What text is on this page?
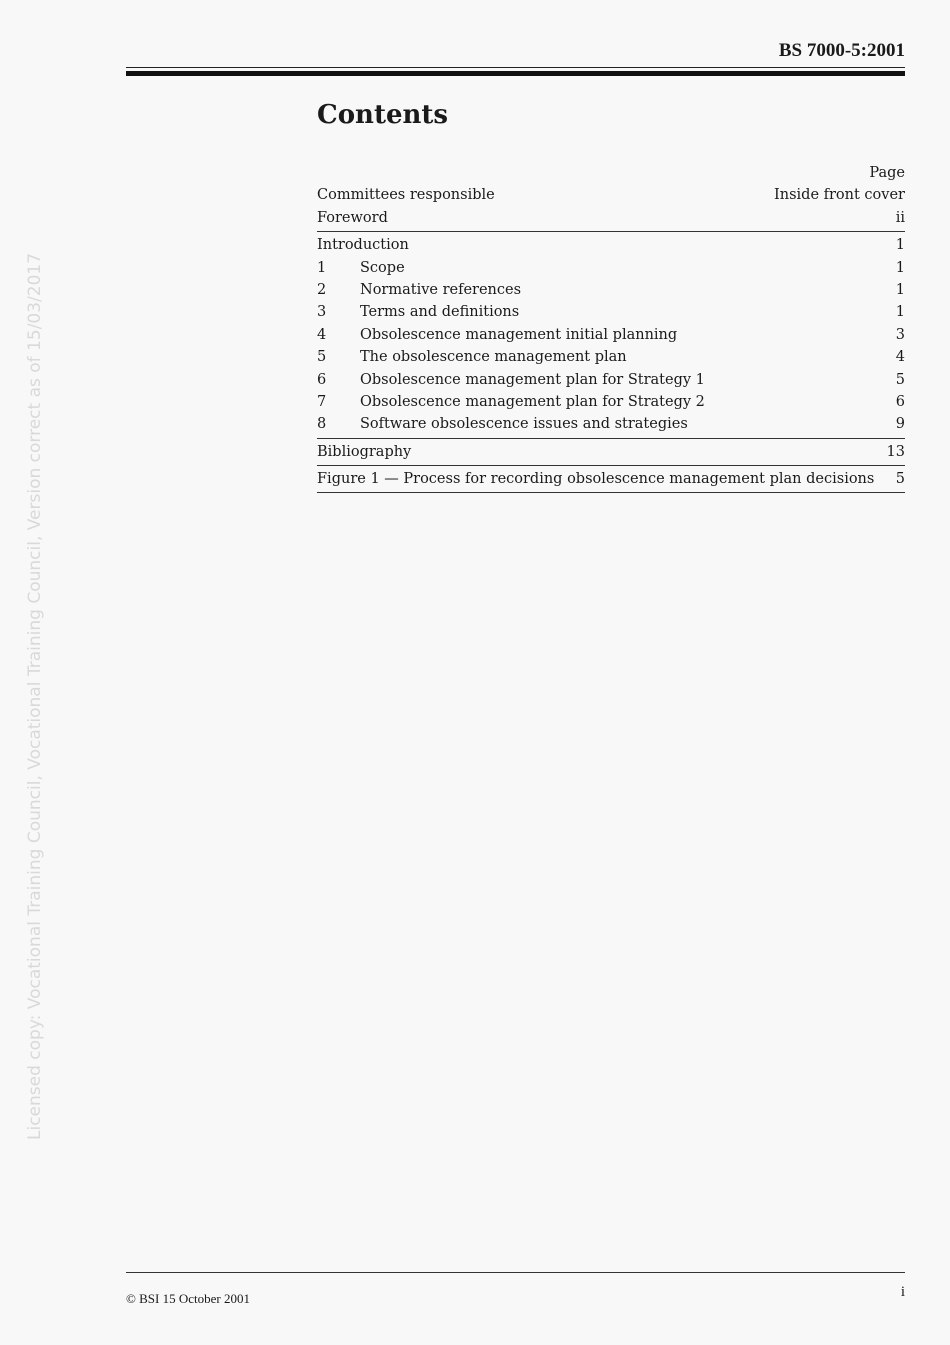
BS 7000-5:2001
Contents
Page
Committees responsible	Inside front cover
Foreword	ii
Introduction	1
1	Scope	1
2	Normative references	1
3	Terms and definitions	1
4	Obsolescence management initial planning	3
5	The obsolescence management plan	4
6	Obsolescence management plan for Strategy 1	5
7	Obsolescence management plan for Strategy 2	6
8	Software obsolescence issues and strategies	9
Bibliography	13
Figure 1 — Process for recording obsolescence management plan decisions	5
Licensed copy: Vocational Training Council, Vocational Training Council, Version correct as of 15/03/2017
© BSI 15 October 2001	i
